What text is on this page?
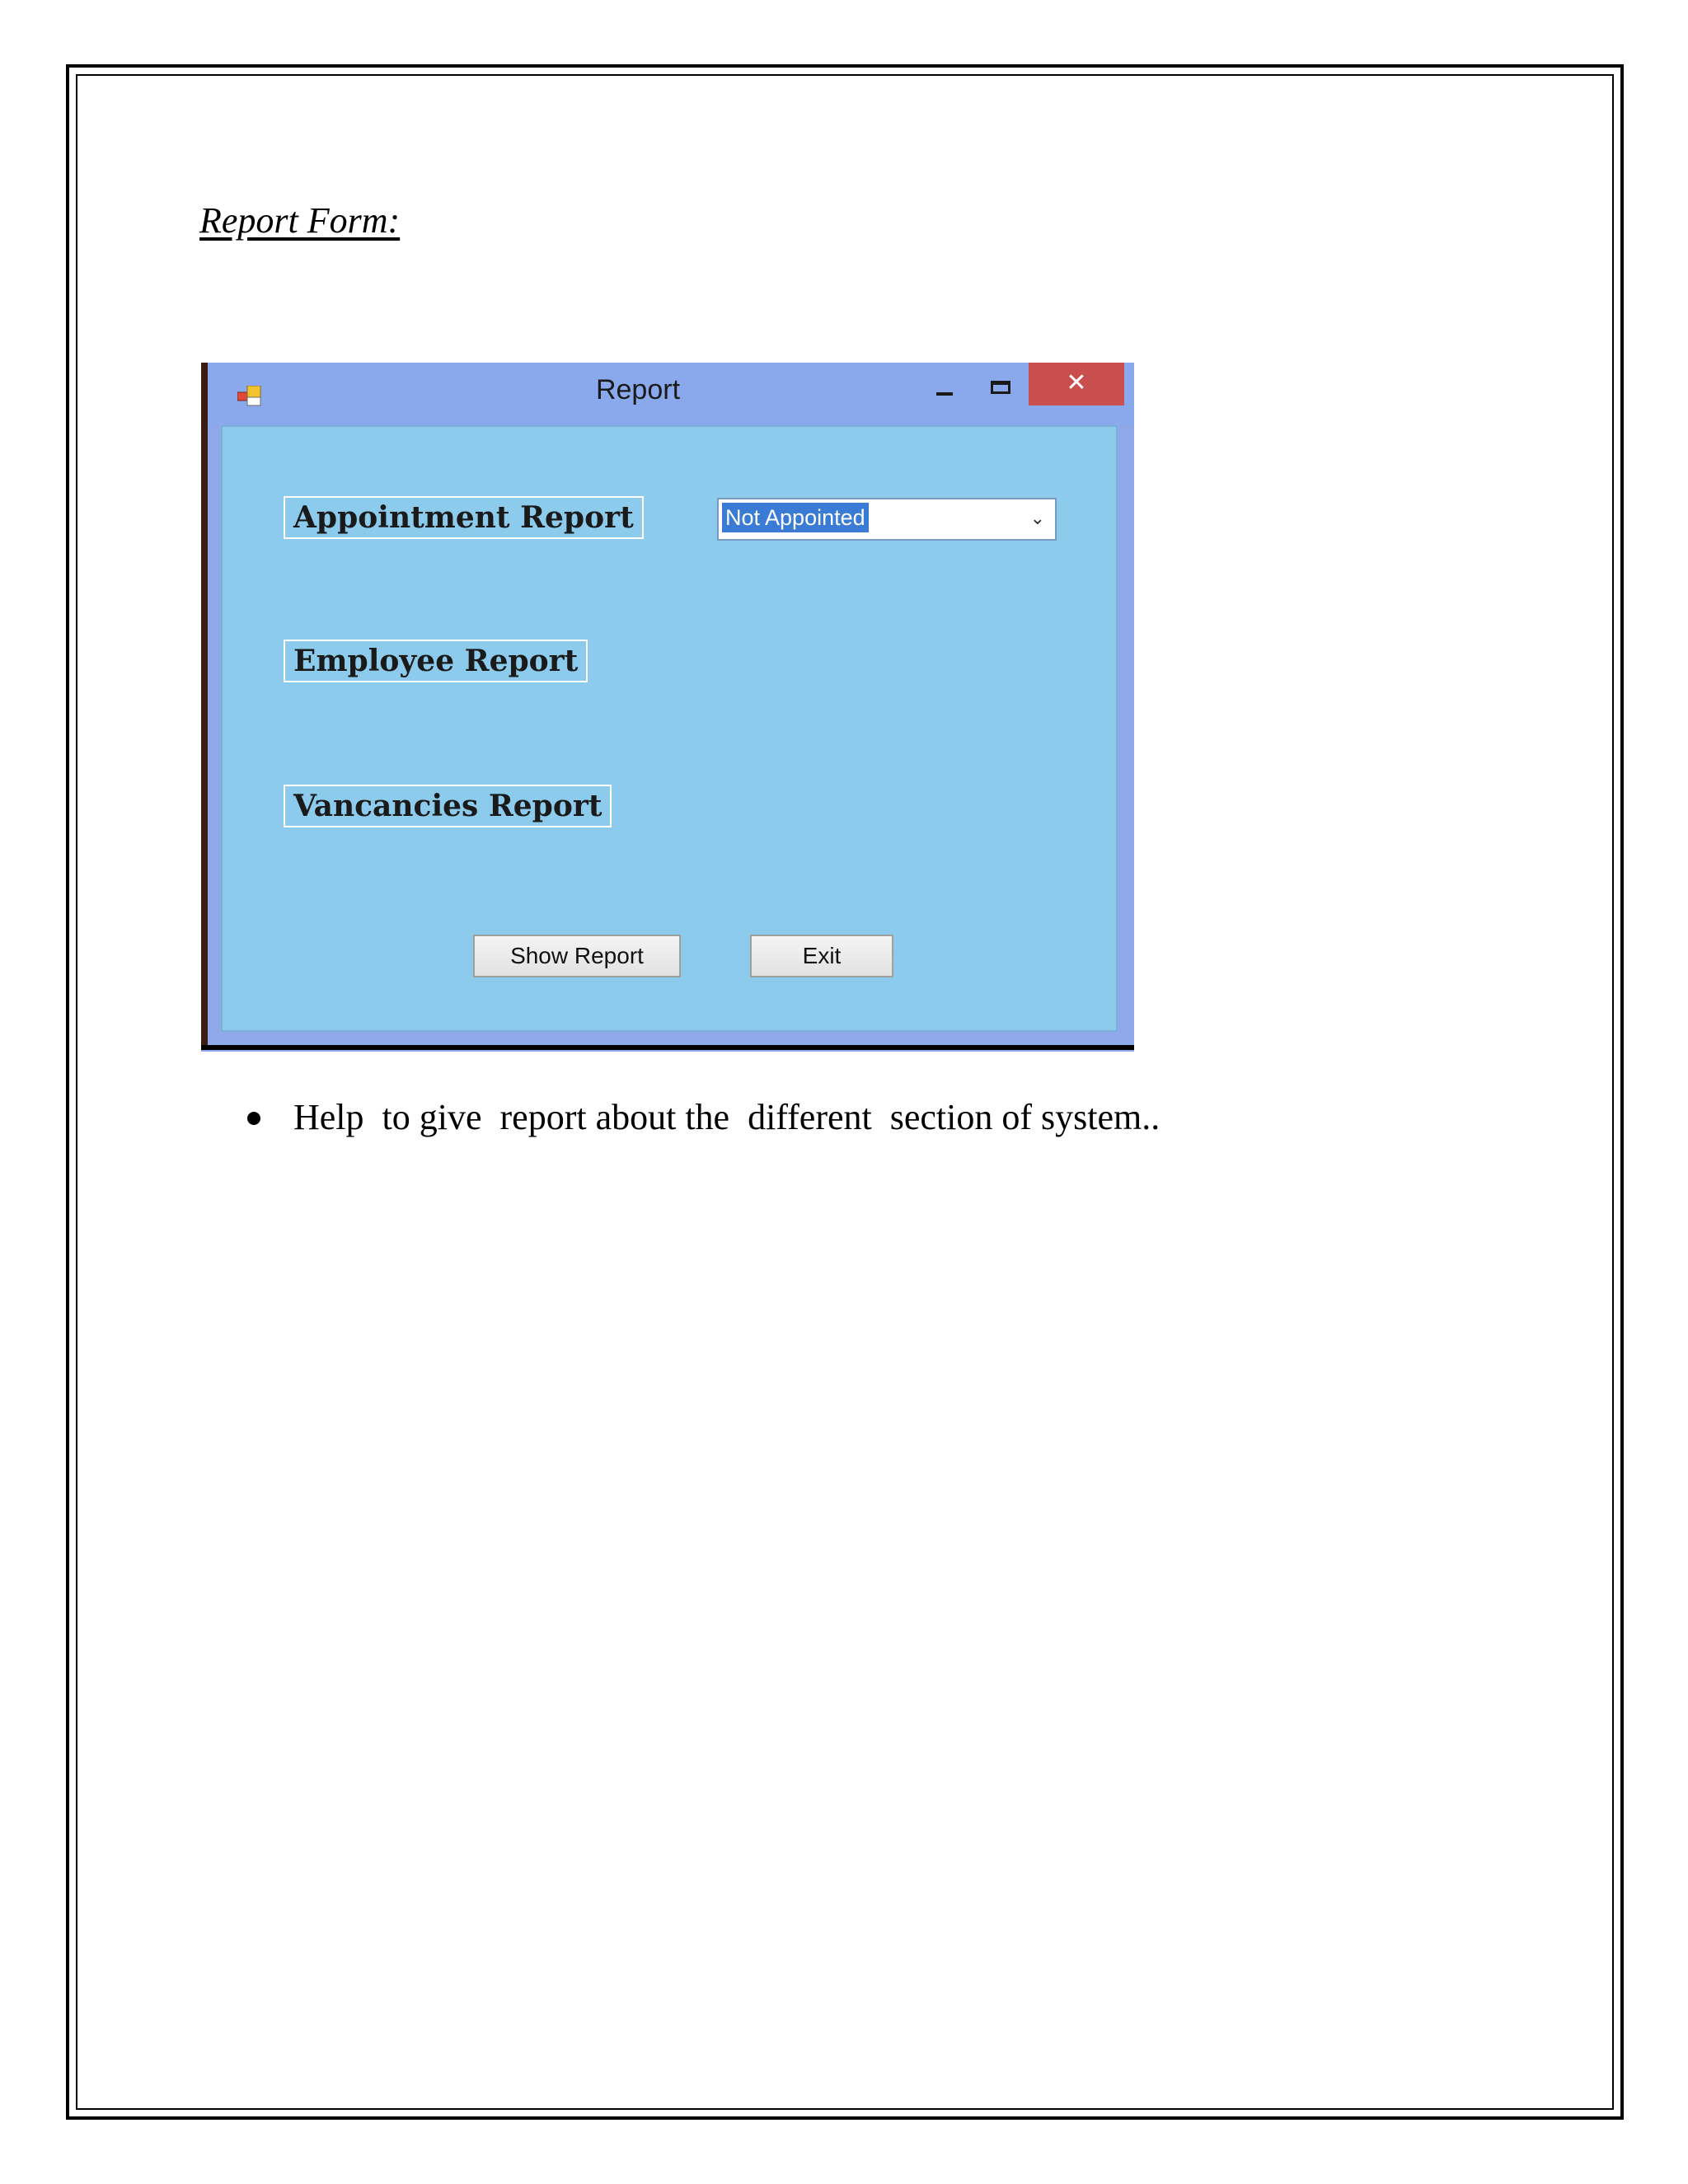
Report Form:
Report	✕
Appointment Report	Not Appointed	⌄
Employee Report
Vancancies Report
Show Report	Exit
Help  to give  report about the  different  section of system..
